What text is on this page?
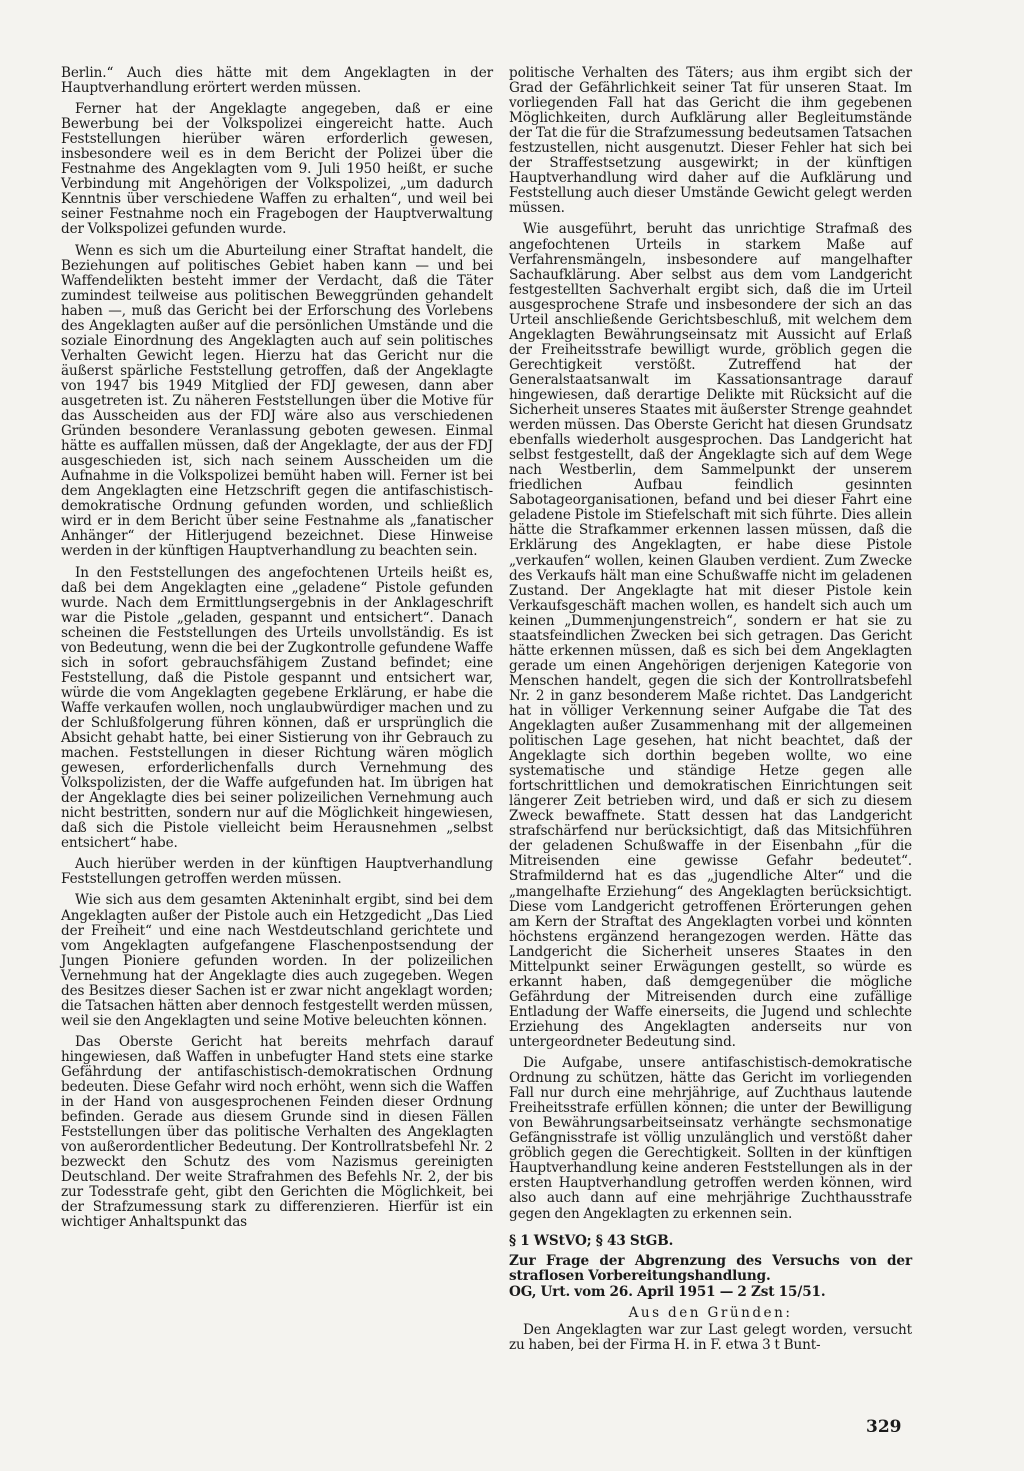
Berlin.“ Auch dies hätte mit dem Angeklagten in der Hauptverhandlung erörtert werden müssen.

Ferner hat der Angeklagte angegeben, daß er eine Bewerbung bei der Volkspolizei eingereicht hatte. Auch Feststellungen hierüber wären erforderlich gewesen, insbesondere weil es in dem Bericht der Polizei über die Festnahme des Angeklagten vom 9. Juli 1950 heißt, er suche Verbindung mit Angehörigen der Volkspolizei, „um dadurch Kenntnis über verschiedene Waffen zu erhalten“, und weil bei seiner Festnahme noch ein Fragebogen der Hauptverwaltung der Volkspolizei gefunden wurde.

Wenn es sich um die Aburteilung einer Straftat handelt, die Beziehungen auf politisches Gebiet haben kann — und bei Waffendelikten besteht immer der Verdacht, daß die Täter zumindest teilweise aus politischen Beweggründen gehandelt haben —, muß das Gericht bei der Erforschung des Vorlebens des Angeklagten außer auf die persönlichen Umstände und die soziale Einordnung des Angeklagten auch auf sein politisches Verhalten Gewicht legen. Hierzu hat das Gericht nur die äußerst spärliche Feststellung getroffen, daß der Angeklagte von 1947 bis 1949 Mitglied der FDJ gewesen, dann aber ausgetreten ist. Zu näheren Feststellungen über die Motive für das Ausscheiden aus der FDJ wäre also aus verschiedenen Gründen besondere Veranlassung geboten gewesen. Einmal hätte es auffallen müssen, daß der Angeklagte, der aus der FDJ ausgeschieden ist, sich nach seinem Ausscheiden um die Aufnahme in die Volkspolizei bemüht haben will. Ferner ist bei dem Angeklagten eine Hetzschrift gegen die antifaschistisch-demokratische Ordnung gefunden worden, und schließlich wird er in dem Bericht über seine Festnahme als „fanatischer Anhänger“ der Hitlerjugend bezeichnet. Diese Hinweise werden in der künftigen Hauptverhandlung zu beachten sein.

In den Feststellungen des angefochtenen Urteils heißt es, daß bei dem Angeklagten eine „geladene“ Pistole gefunden wurde. Nach dem Ermittlungsergebnis in der Anklageschrift war die Pistole „geladen, gespannt und entsichert“. Danach scheinen die Feststellungen des Urteils unvollständig. Es ist von Bedeutung, wenn die bei der Zugkontrolle gefundene Waffe sich in sofort gebrauchsfähigem Zustand befindet; eine Feststellung, daß die Pistole gespannt und entsichert war, würde die vom Angeklagten gegebene Erklärung, er habe die Waffe verkaufen wollen, noch unglaubwürdiger machen und zu der Schlußfolgerung führen können, daß er ursprünglich die Absicht gehabt hatte, bei einer Sistierung von ihr Gebrauch zu machen. Feststellungen in dieser Richtung wären möglich gewesen, erforderlichenfalls durch Vernehmung des Volkspolizisten, der die Waffe aufgefunden hat. Im übrigen hat der Angeklagte dies bei seiner polizeilichen Vernehmung auch nicht bestritten, sondern nur auf die Möglichkeit hingewiesen, daß sich die Pistole vielleicht beim Herausnehmen „selbst entsichert“ habe.

Auch hierüber werden in der künftigen Hauptverhandlung Feststellungen getroffen werden müssen.

Wie sich aus dem gesamten Akteninhalt ergibt, sind bei dem Angeklagten außer der Pistole auch ein Hetzgedicht „Das Lied der Freiheit“ und eine nach Westdeutschland gerichtete und vom Angeklagten aufgefangene Flaschenpostsendung der Jungen Pioniere gefunden worden. In der polizeilichen Vernehmung hat der Angeklagte dies auch zugegeben. Wegen des Besitzes dieser Sachen ist er zwar nicht angeklagt worden; die Tatsachen hätten aber dennoch festgestellt werden müssen, weil sie den Angeklagten und seine Motive beleuchten können.

Das Oberste Gericht hat bereits mehrfach darauf hingewiesen, daß Waffen in unbefugter Hand stets eine starke Gefährdung der antifaschistisch-demokratischen Ordnung bedeuten. Diese Gefahr wird noch erhöht, wenn sich die Waffen in der Hand von ausgesprochenen Feinden dieser Ordnung befinden. Gerade aus diesem Grunde sind in diesen Fällen Feststellungen über das politische Verhalten des Angeklagten von außerordentlicher Bedeutung. Der Kontrollratsbefehl Nr. 2 bezweckt den Schutz des vom Nazismus gereinigten Deutschland. Der weite Strafrahmen des Befehls Nr. 2, der bis zur Todesstrafe geht, gibt den Gerichten die Möglichkeit, bei der Strafzumessung stark zu differenzieren. Hierfür ist ein wichtiger Anhaltspunkt das

politische Verhalten des Täters; aus ihm ergibt sich der Grad der Gefährlichkeit seiner Tat für unseren Staat. Im vorliegenden Fall hat das Gericht die ihm gegebenen Möglichkeiten, durch Aufklärung aller Begleitumstände der Tat die für die Strafzumessung bedeutsamen Tatsachen festzustellen, nicht ausgenutzt. Dieser Fehler hat sich bei der Straffestsetzung ausgewirkt; in der künftigen Hauptverhandlung wird daher auf die Aufklärung und Feststellung auch dieser Umstände Gewicht gelegt werden müssen.

Wie ausgeführt, beruht das unrichtige Strafmaß des angefochtenen Urteils in starkem Maße auf Verfahrensmängeln, insbesondere auf mangelhafter Sachaufklärung. Aber selbst aus dem vom Landgericht festgestellten Sachverhalt ergibt sich, daß die im Urteil ausgesprochene Strafe und insbesondere der sich an das Urteil anschließende Gerichtsbeschluß, mit welchem dem Angeklagten Bewährungseinsatz mit Aussicht auf Erlaß der Freiheitsstrafe bewilligt wurde, gröblich gegen die Gerechtigkeit verstößt. Zutreffend hat der Generalstaatsanwalt im Kassationsantrage darauf hingewiesen, daß derartige Delikte mit Rücksicht auf die Sicherheit unseres Staates mit äußerster Strenge geahndet werden müssen. Das Oberste Gericht hat diesen Grundsatz ebenfalls wiederholt ausgesprochen. Das Landgericht hat selbst festgestellt, daß der Angeklagte sich auf dem Wege nach Westberlin, dem Sammelpunkt der unserem friedlichen Aufbau feindlich gesinnten Sabotageorganisationen, befand und bei dieser Fahrt eine geladene Pistole im Stiefelschaft mit sich führte. Dies allein hätte die Strafkammer erkennen lassen müssen, daß die Erklärung des Angeklagten, er habe diese Pistole „verkaufen“ wollen, keinen Glauben verdient. Zum Zwecke des Verkaufs hält man eine Schußwaffe nicht im geladenen Zustand. Der Angeklagte hat mit dieser Pistole kein Verkaufsgeschäft machen wollen, es handelt sich auch um keinen „Dummenjungenstreich“, sondern er hat sie zu staatsfeindlichen Zwecken bei sich getragen. Das Gericht hätte erkennen müssen, daß es sich bei dem Angeklagten gerade um einen Angehörigen derjenigen Kategorie von Menschen handelt, gegen die sich der Kontrollratsbefehl Nr. 2 in ganz besonderem Maße richtet. Das Landgericht hat in völliger Verkennung seiner Aufgabe die Tat des Angeklagten außer Zusammenhang mit der allgemeinen politischen Lage gesehen, hat nicht beachtet, daß der Angeklagte sich dorthin begeben wollte, wo eine systematische und ständige Hetze gegen alle fortschrittlichen und demokratischen Einrichtungen seit längerer Zeit betrieben wird, und daß er sich zu diesem Zweck bewaffnete. Statt dessen hat das Landgericht strafschärfend nur berücksichtigt, daß das Mitsichführen der geladenen Schußwaffe in der Eisenbahn „für die Mitreisenden eine gewisse Gefahr bedeutet“. Strafmildernd hat es das „jugendliche Alter“ und die „mangelhafte Erziehung“ des Angeklagten berücksichtigt. Diese vom Landgericht getroffenen Erörterungen gehen am Kern der Straftat des Angeklagten vorbei und könnten höchstens ergänzend herangezogen werden. Hätte das Landgericht die Sicherheit unseres Staates in den Mittelpunkt seiner Erwägungen gestellt, so würde es erkannt haben, daß demgegenüber die mögliche Gefährdung der Mitreisenden durch eine zufällige Entladung der Waffe einerseits, die Jugend und schlechte Erziehung des Angeklagten anderseits nur von untergeordneter Bedeutung sind.

Die Aufgabe, unsere antifaschistisch-demokratische Ordnung zu schützen, hätte das Gericht im vorliegenden Fall nur durch eine mehrjährige, auf Zuchthaus lautende Freiheitsstrafe erfüllen können; die unter der Bewilligung von Bewährungsarbeitseinsatz verhängte sechsmonatige Gefängnisstrafe ist völlig unzulänglich und verstößt daher gröblich gegen die Gerechtigkeit. Sollten in der künftigen Hauptverhandlung keine anderen Feststellungen als in der ersten Hauptverhandlung getroffen werden können, wird also auch dann auf eine mehrjährige Zuchthausstrafe gegen den Angeklagten zu erkennen sein.

§ 1 WStVO; § 43 StGB.

Zur Frage der Abgrenzung des Versuchs von der straflosen Vorbereitungshandlung.

OG, Urt. vom 26. April 1951 — 2 Zst 15/51.

Aus den Gründen:

Den Angeklagten war zur Last gelegt worden, versucht zu haben, bei der Firma H. in F. etwa 3 t Bunt-

329
